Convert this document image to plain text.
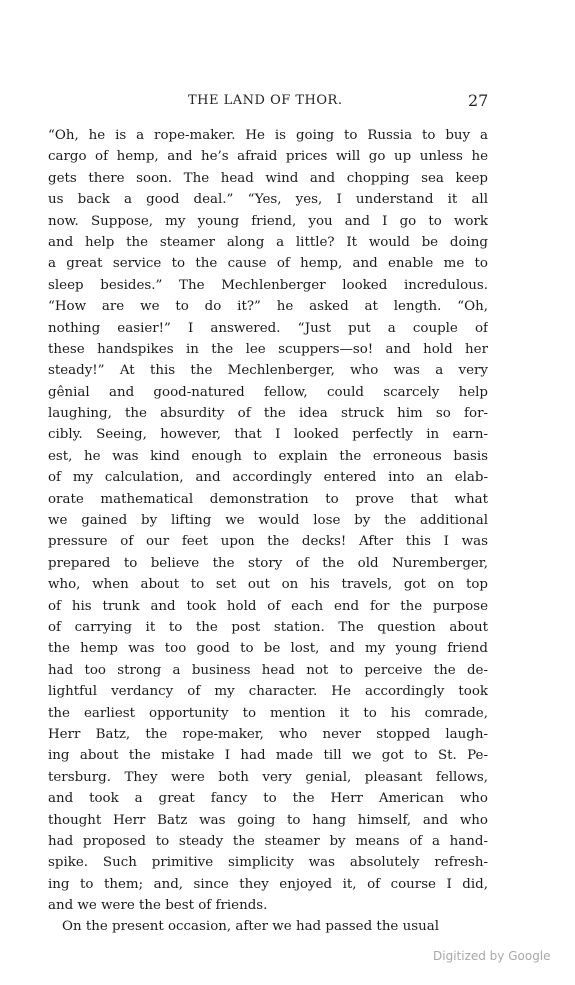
THE LAND OF THOR.	27
“Oh, he is a rope-maker. He is going to Russia to buy a
cargo of hemp, and he’s afraid prices will go up unless he
gets there soon. The head wind and chopping sea keep
us back a good deal.” “Yes, yes, I understand it all
now. Suppose, my young friend, you and I go to work
and help the steamer along a little? It would be doing
a great service to the cause of hemp, and enable me to
sleep besides.” The Mechlenberger looked incredulous.
“How are we to do it?” he asked at length. “Oh,
nothing easier!” I answered. “Just put a couple of
these handspikes in the lee scuppers—so! and hold her
steady!” At this the Mechlenberger, who was a very
gênial and good-natured fellow, could scarcely help
laughing, the absurdity of the idea struck him so for-
cibly. Seeing, however, that I looked perfectly in earn-
est, he was kind enough to explain the erroneous basis
of my calculation, and accordingly entered into an elab-
orate mathematical demonstration to prove that what
we gained by lifting we would lose by the additional
pressure of our feet upon the decks! After this I was
prepared to believe the story of the old Nuremberger,
who, when about to set out on his travels, got on top
of his trunk and took hold of each end for the purpose
of carrying it to the post station. The question about
the hemp was too good to be lost, and my young friend
had too strong a business head not to perceive the de-
lightful verdancy of my character. He accordingly took
the earliest opportunity to mention it to his comrade,
Herr Batz, the rope-maker, who never stopped laugh-
ing about the mistake I had made till we got to St. Pe-
tersburg. They were both very genial, pleasant fellows,
and took a great fancy to the Herr American who
thought Herr Batz was going to hang himself, and who
had proposed to steady the steamer by means of a hand-
spike. Such primitive simplicity was absolutely refresh-
ing to them; and, since they enjoyed it, of course I did,
and we were the best of friends.
On the present occasion, after we had passed the usual
Digitized by Google
